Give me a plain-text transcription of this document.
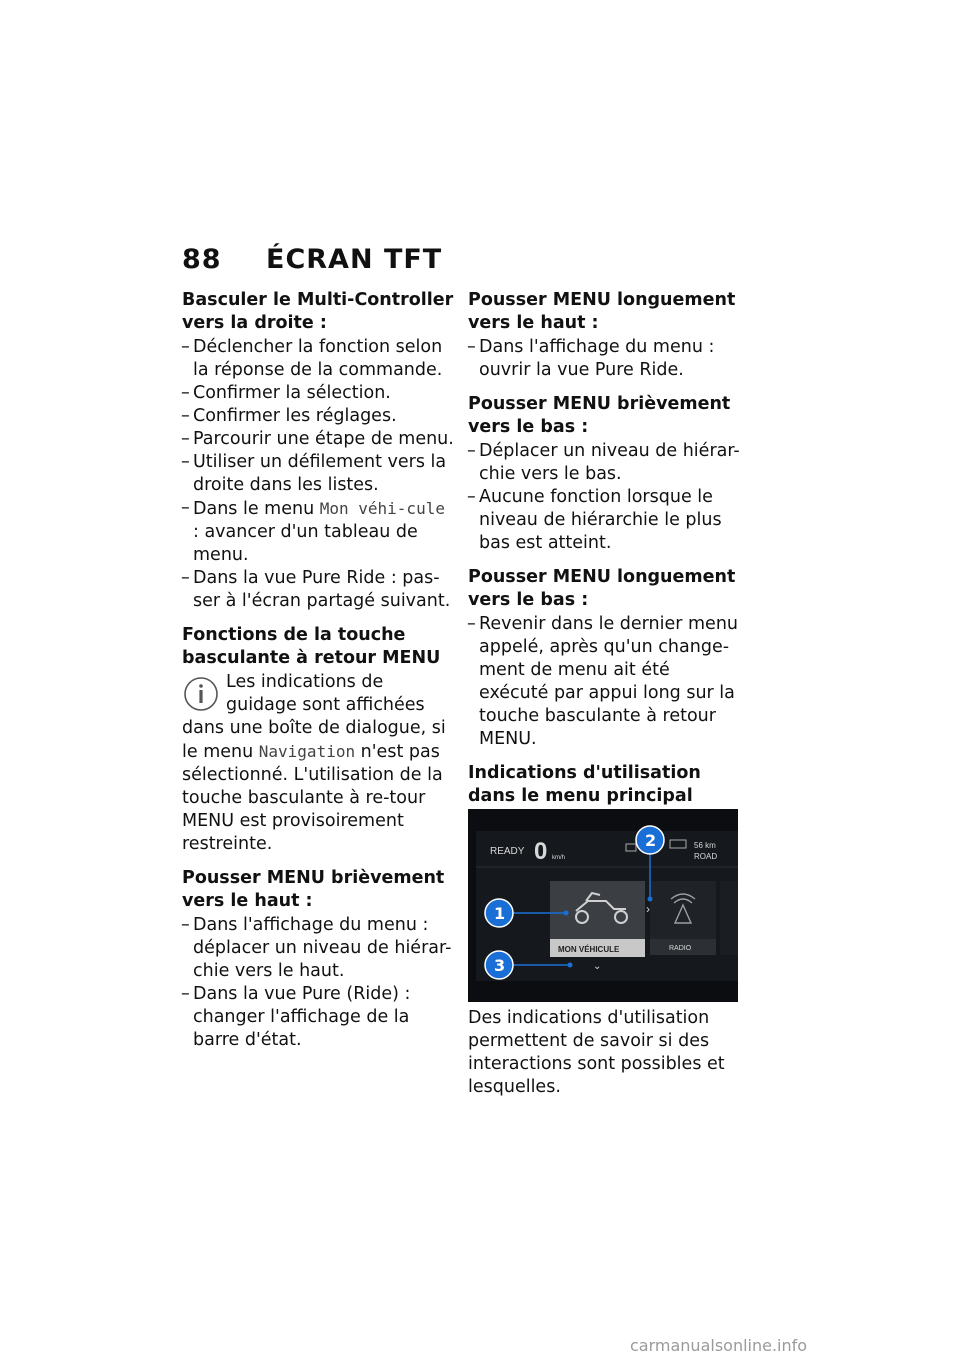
88 ÉCRAN TFT
Basculer le Multi-Controller vers la droite :
– Déclencher la fonction selon la réponse de la commande.
– Confirmer la sélection.
– Confirmer les réglages.
– Parcourir une étape de menu.
– Utiliser un défilement vers la droite dans les listes.
– Dans le menu Mon véhi-cule : avancer d'un tableau de menu.
– Dans la vue Pure Ride : pas-ser à l'écran partagé suivant.
Fonctions de la touche basculante à retour MENU

Les indications de guidage sont affichées dans une boîte de dialogue, si le menu Navigation n'est pas sélectionné. L'utilisation de la touche basculante à re-tour MENU est provisoirement restreinte.

Pousser MENU brièvement vers le haut :
– Dans l'affichage du menu : déplacer un niveau de hiérar-chie vers le haut.
– Dans la vue Pure (Ride) : changer l'affichage de la barre d'état.
Pousser MENU longuement vers le haut :
– Dans l'affichage du menu : ouvrir la vue Pure Ride.
Pousser MENU brièvement vers le bas :
– Déplacer un niveau de hiérar-chie vers le bas.
– Aucune fonction lorsque le niveau de hiérarchie le plus bas est atteint.
Pousser MENU longuement vers le bas :
– Revenir dans le dernier menu appelé, après qu'un change-ment de menu ait été exécuté par appui long sur la touche basculante à retour MENU.
Indications d'utilisation dans le menu principal
READY 0 km/h
56 km
ROAD
MON VÉHICULE	RADIO
›
⌄
1
2
3

Des indications d'utilisation permettent de savoir si des interactions sont possibles et lesquelles.

carmanualsonline.info
